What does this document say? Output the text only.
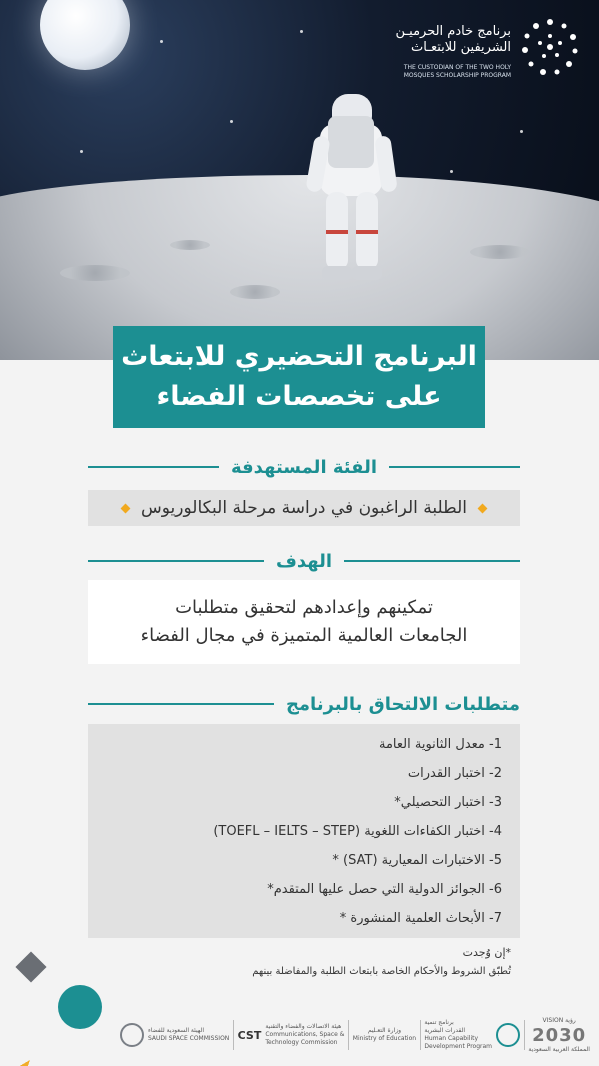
برنامج خادم الحرميـن
الشريفين للابتعـاث
THE CUSTODIAN OF THE TWO HOLY
MOSQUES SCHOLARSHIP PROGRAM
البرنامج التحضيري للابتعاث
على تخصصات الفضاء
الفئة المستهدفة
الطلبة الراغبون في دراسة مرحلة البكالوريوس
الهدف
تمكينهم وإعدادهم لتحقيق متطلبات
الجامعات العالمية المتميزة في مجال الفضاء
متطلبات الالتحاق بالبرنامج
1- معدل الثانوية العامة
2- اختبار القدرات
3- اختبار التحصيلي*
4- اختبار الكفاءات اللغوية (TOEFL – IELTS – STEP)
5- الاختبارات المعيارية (SAT) *
6- الجوائز الدولية التي حصل عليها المتقدم*
7- الأبحاث العلمية المنشورة *
*إن وُجدت
تُطبّق الشروط والأحكام الخاصة بابتعاث الطلبة والمفاضلة بينهم
الهيئة السعودية للفضاء
SAUDI SPACE COMMISSION CST
هيئة الاتصالات والفضاء والتقنية
Communications, Space &
Technology Commission
وزارة التعـليم
Ministry of Education
برنامج تنمية
القدرات البشرية
Human Capability
Development Program
VISION رؤية
2030
المملكة العربية السعودية
